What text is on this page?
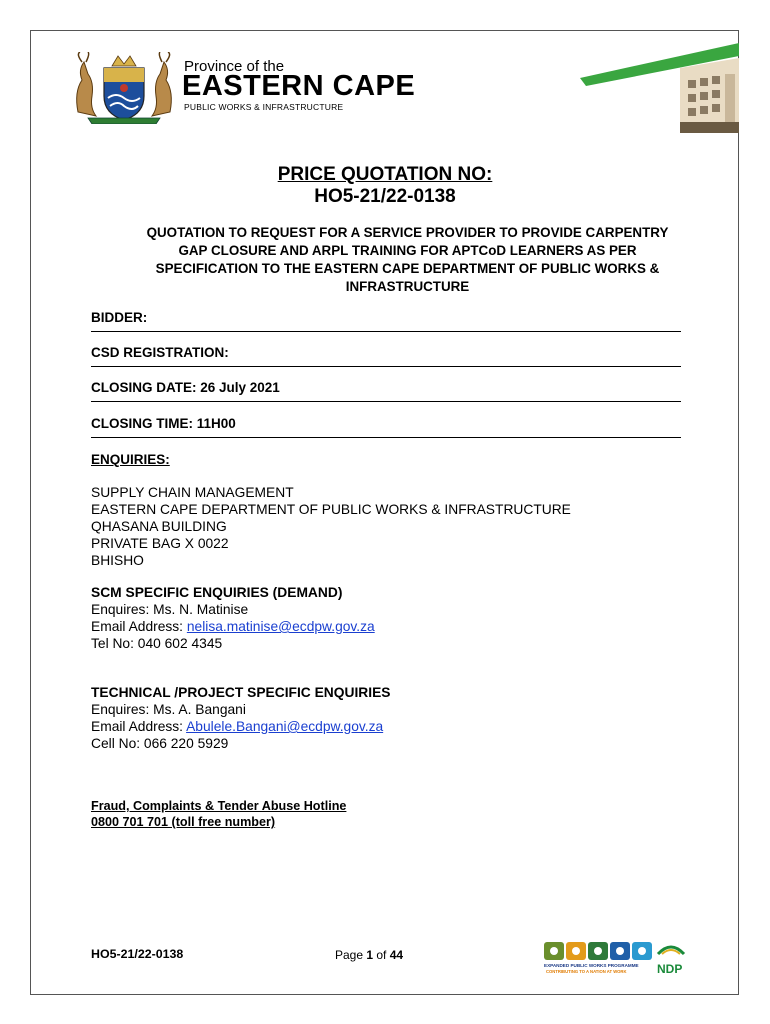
Province of the
EASTERN CAPE
PUBLIC WORKS & INFRASTRUCTURE
PRICE QUOTATION NO:
HO5-21/22-0138
QUOTATION TO REQUEST FOR A SERVICE PROVIDER TO PROVIDE CARPENTRY GAP CLOSURE AND ARPL TRAINING FOR APTCoD LEARNERS AS PER SPECIFICATION TO THE EASTERN CAPE DEPARTMENT OF PUBLIC WORKS & INFRASTRUCTURE
BIDDER:
CSD REGISTRATION:
CLOSING DATE: 26 July 2021
CLOSING TIME: 11H00
ENQUIRIES:
SUPPLY CHAIN MANAGEMENT
EASTERN CAPE DEPARTMENT OF PUBLIC WORKS & INFRASTRUCTURE
QHASANA BUILDING
PRIVATE BAG X 0022
BHISHO
SCM SPECIFIC ENQUIRIES (DEMAND)
Enquires: Ms. N. Matinise
Email Address: nelisa.matinise@ecdpw.gov.za
Tel No: 040 602 4345
TECHNICAL /PROJECT SPECIFIC ENQUIRIES
Enquires: Ms. A. Bangani
Email Address: Abulele.Bangani@ecdpw.gov.za
Cell No: 066 220 5929
Fraud, Complaints & Tender Abuse Hotline
0800 701 701 (toll free number)
HO5-21/22-0138	Page 1 of 44
EXPANDED PUBLIC WORKS PROGRAMME
CONTRIBUTING TO A NATION AT WORK	NDP
